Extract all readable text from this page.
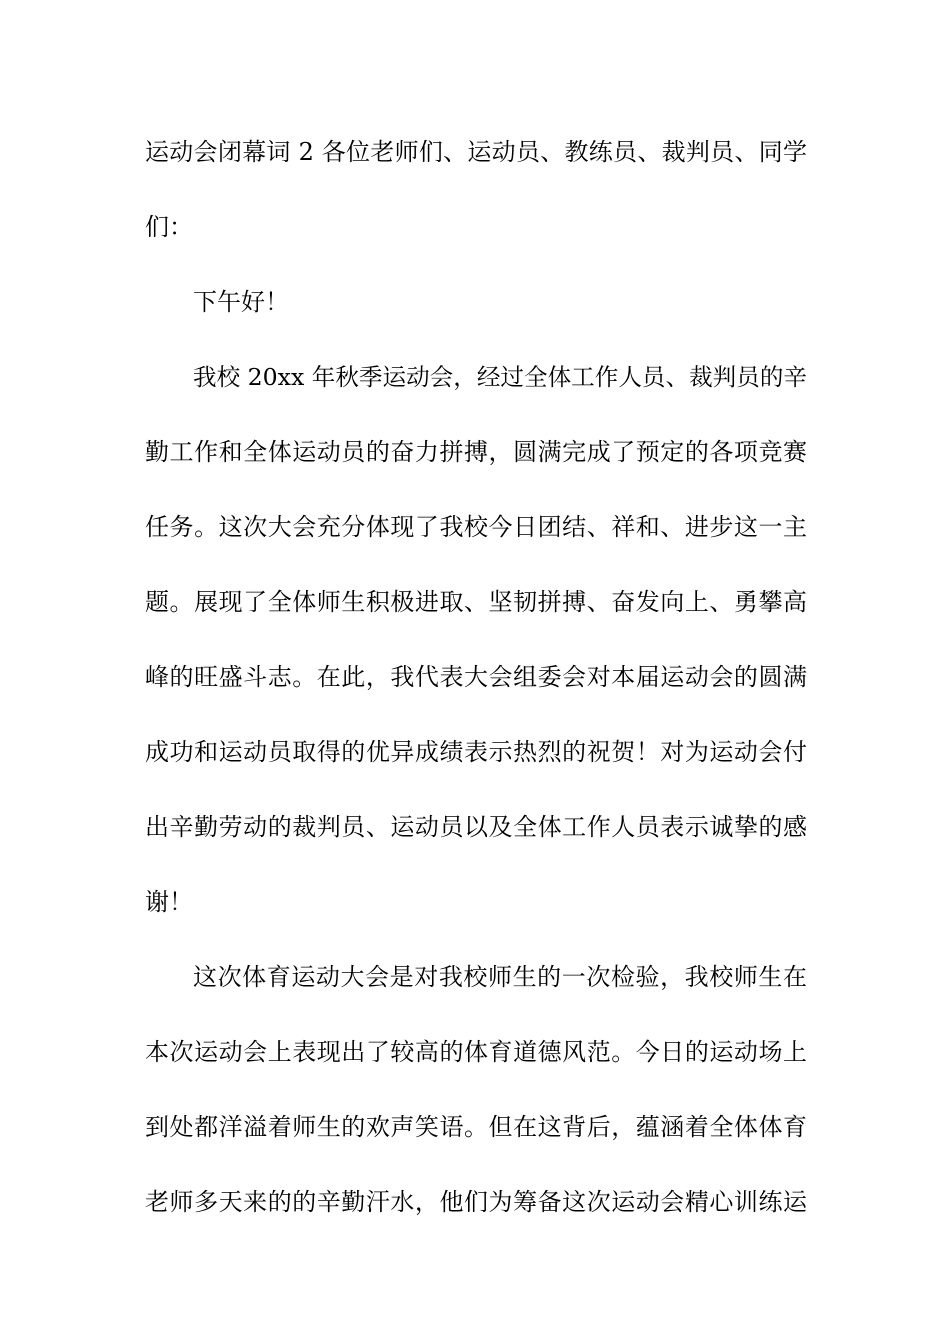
运动会闭幕词 2 各位老师们、运动员、教练员、裁判员、同学
们：
下午好！
我校 20xx 年秋季运动会，经过全体工作人员、裁判员的辛
勤工作和全体运动员的奋力拼搏，圆满完成了预定的各项竞赛
任务。这次大会充分体现了我校今日团结、祥和、进步这一主
题。展现了全体师生积极进取、坚韧拼搏、奋发向上、勇攀高
峰的旺盛斗志。在此，我代表大会组委会对本届运动会的圆满
成功和运动员取得的优异成绩表示热烈的祝贺！对为运动会付
出辛勤劳动的裁判员、运动员以及全体工作人员表示诚挚的感
谢！
这次体育运动大会是对我校师生的一次检验，我校师生在
本次运动会上表现出了较高的体育道德风范。今日的运动场上
到处都洋溢着师生的欢声笑语。但在这背后，蕴涵着全体体育
老师多天来的的辛勤汗水，他们为筹备这次运动会精心训练运
